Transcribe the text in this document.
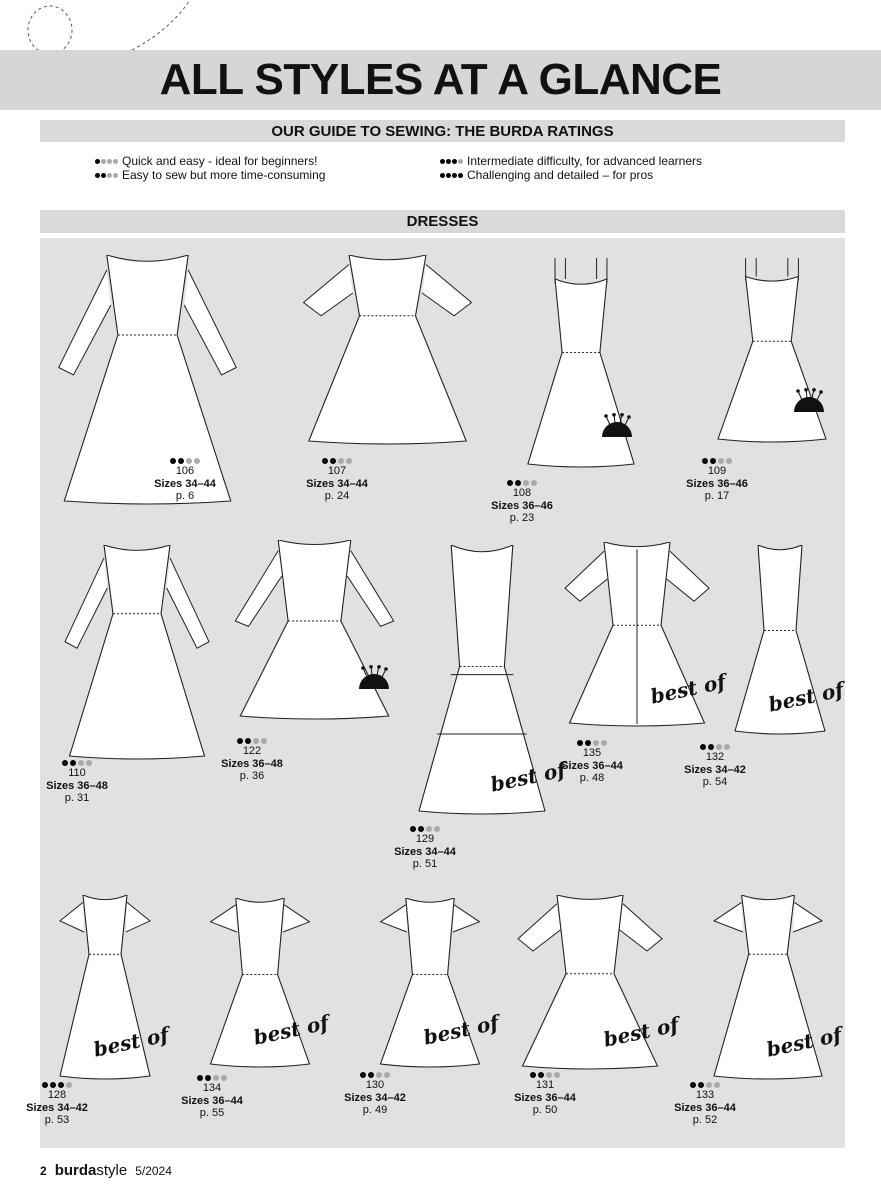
ALL STYLES AT A GLANCE
OUR GUIDE TO SEWING: THE BURDA RATINGS
Quick and easy - ideal for beginners!
Easy to sew but more time-consuming
Intermediate difficulty, for advanced learners
Challenging and detailed – for pros
DRESSES
best of
best of best of
best of	best of	best of	best of	best of
106
Sizes 34–44
p. 6
107
Sizes 34–44
p. 24	108
Sizes 36–46
p. 23
109
Sizes 36–46
p. 17
110
Sizes 36–48
p. 31
122
Sizes 36–48
p. 36
129
Sizes 34–44
p. 51
135
Sizes 36–44
p. 48
132
Sizes 34–42
p. 54
128
Sizes 34–42
p. 53
134
Sizes 36–44
p. 55
130
Sizes 34–42
p. 49
131
Sizes 36–44
p. 50
133
Sizes 36–44
p. 52
2 burdastyle 5/2024
